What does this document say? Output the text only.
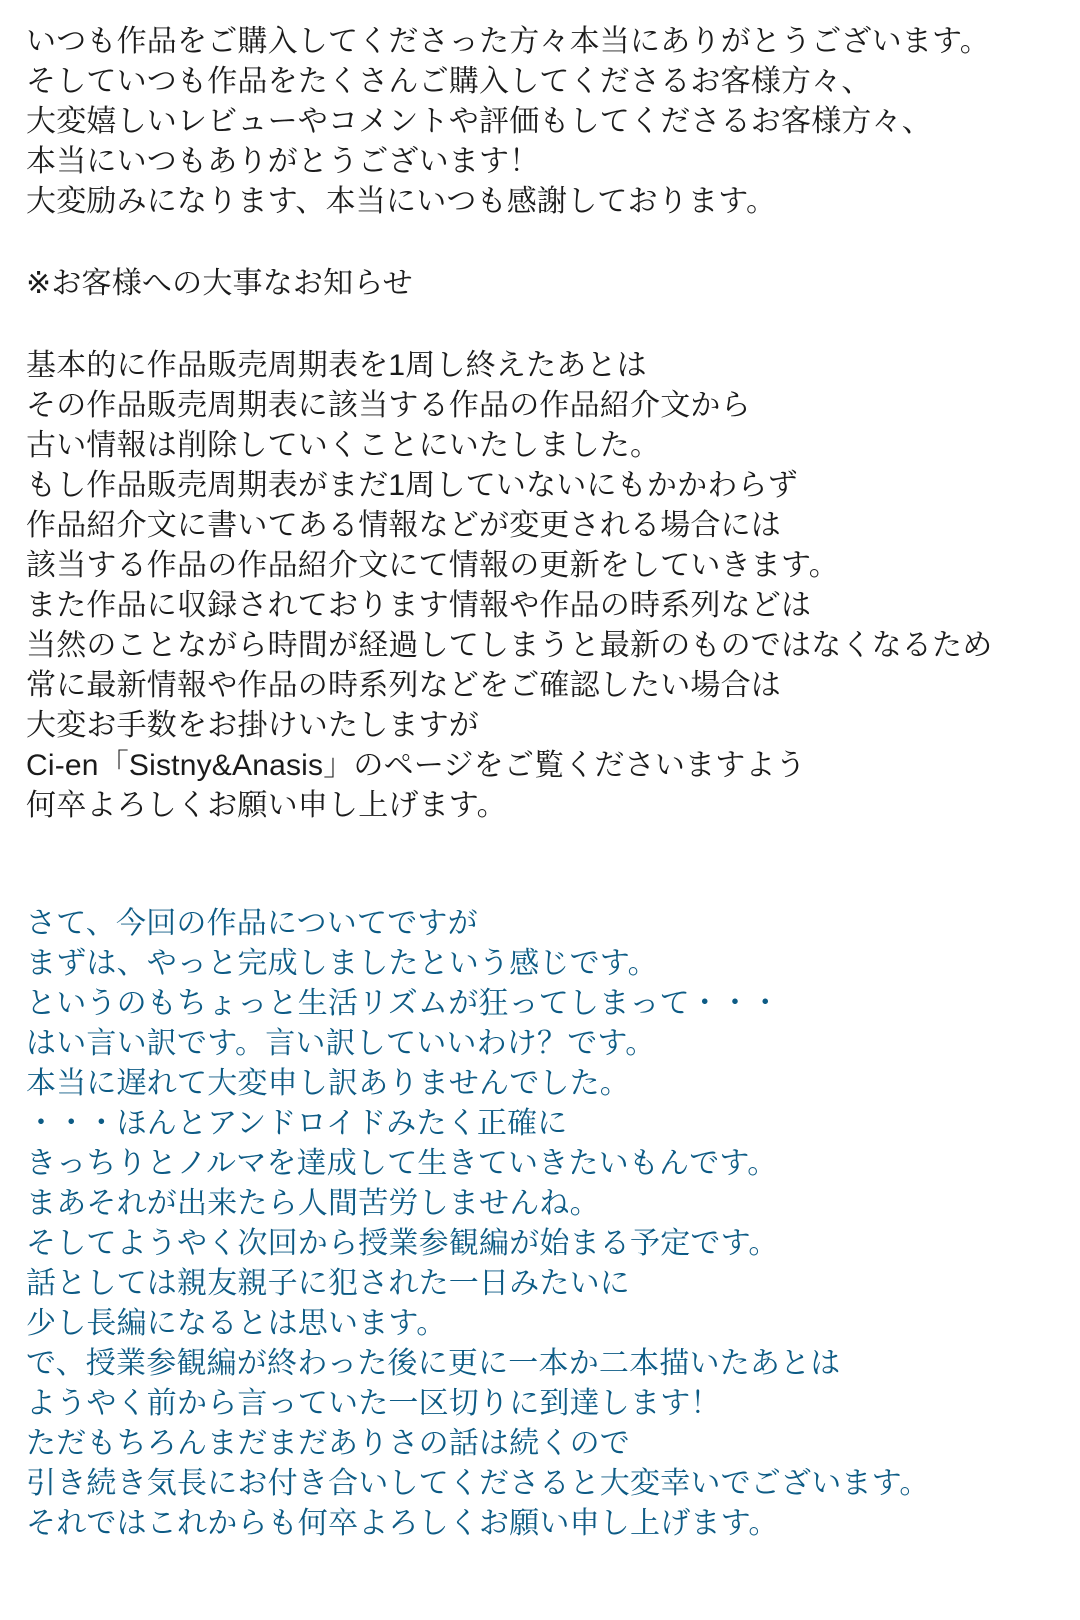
いつも作品をご購入してくださった方々本当にありがとうございます。
そしていつも作品をたくさんご購入してくださるお客様方々、
大変嬉しいレビューやコメントや評価もしてくださるお客様方々、
本当にいつもありがとうございます！
大変励みになります、本当にいつも感謝しております。
※お客様への大事なお知らせ
基本的に作品販売周期表を1周し終えたあとは
その作品販売周期表に該当する作品の作品紹介文から
古い情報は削除していくことにいたしました。
もし作品販売周期表がまだ1周していないにもかかわらず
作品紹介文に書いてある情報などが変更される場合には
該当する作品の作品紹介文にて情報の更新をしていきます。
また作品に収録されております情報や作品の時系列などは
当然のことながら時間が経過してしまうと最新のものではなくなるため
常に最新情報や作品の時系列などをご確認したい場合は
大変お手数をお掛けいたしますが
Ci-en「Sistny&Anasis」のページをご覧くださいますよう
何卒よろしくお願い申し上げます。
さて、今回の作品についてですが
まずは、やっと完成しましたという感じです。
というのもちょっと生活リズムが狂ってしまって・・・
はい言い訳です。言い訳していいわけ？です。
本当に遅れて大変申し訳ありませんでした。
・・・ほんとアンドロイドみたく正確に
きっちりとノルマを達成して生きていきたいもんです。
まあそれが出来たら人間苦労しませんね。
そしてようやく次回から授業参観編が始まる予定です。
話としては親友親子に犯された一日みたいに
少し長編になるとは思います。
で、授業参観編が終わった後に更に一本か二本描いたあとは
ようやく前から言っていた一区切りに到達します！
ただもちろんまだまだありさの話は続くので
引き続き気長にお付き合いしてくださると大変幸いでございます。
それではこれからも何卒よろしくお願い申し上げます。
